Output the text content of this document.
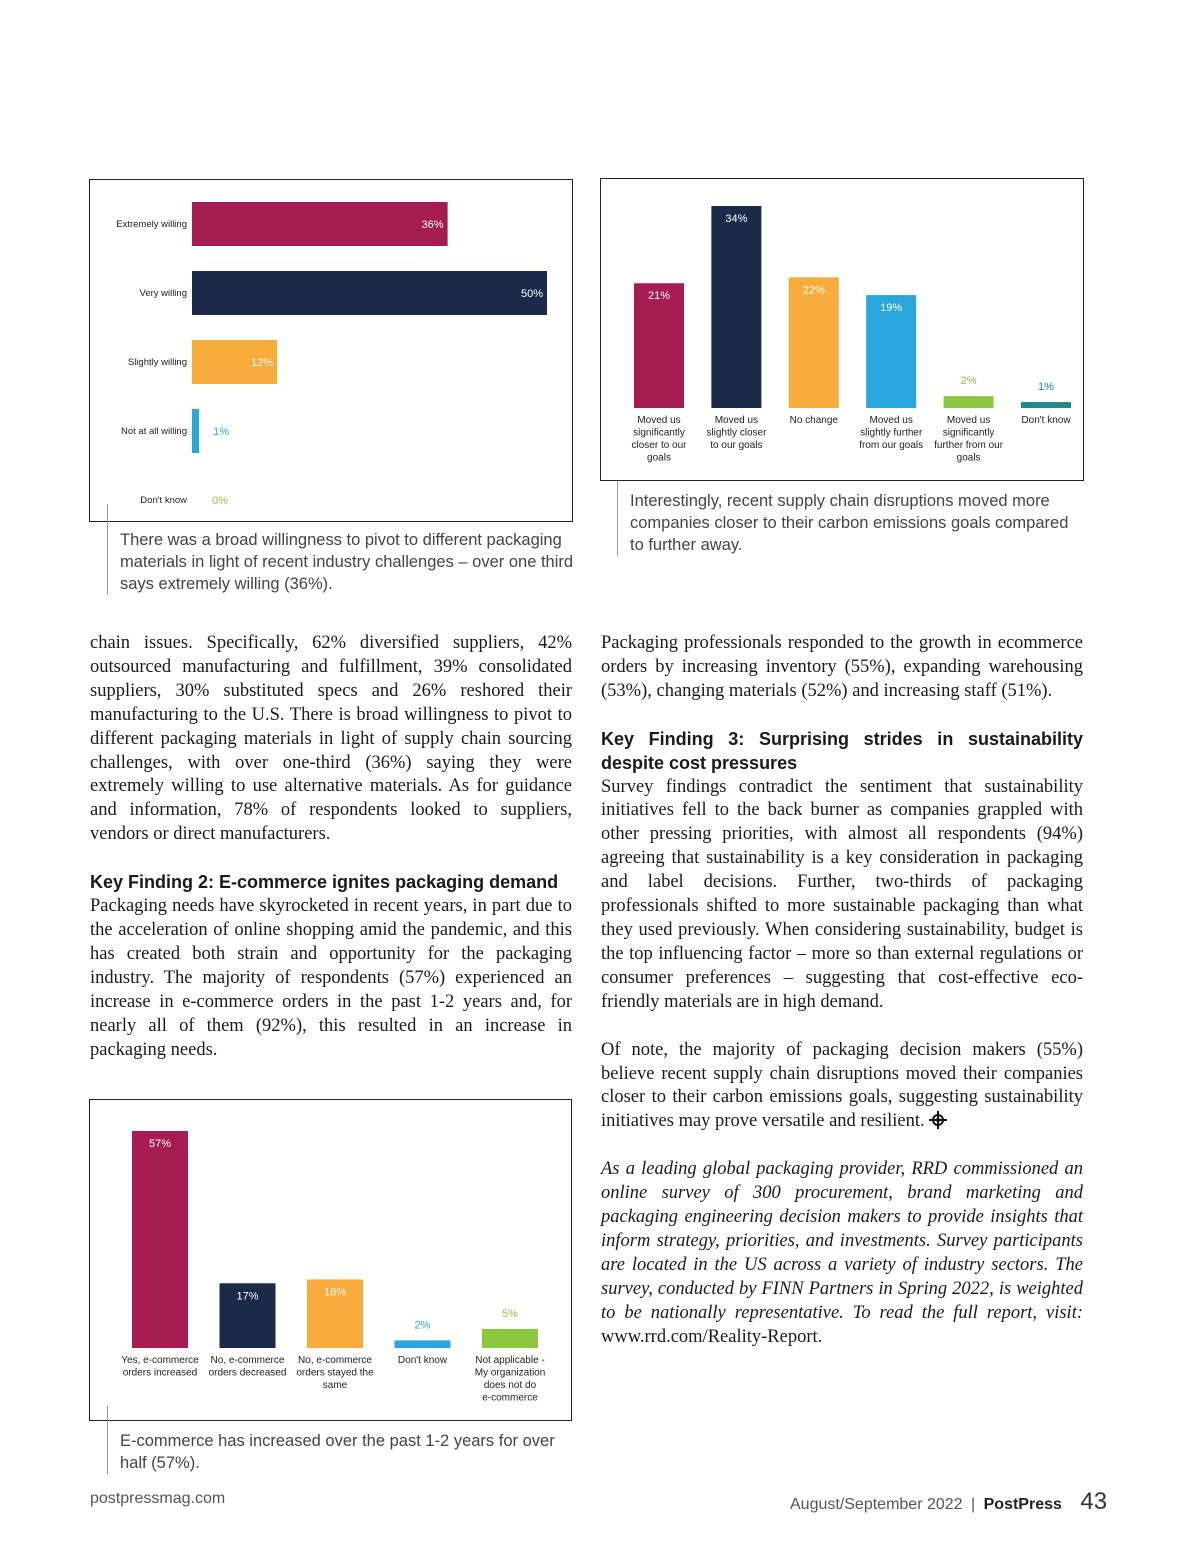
Extremely willing	36%
Very willing	50%
Slightly willing	12%
Not at all willing 1%
Don't know 0%
There was a broad willingness to pivot to different packaging materials in light of recent industry challenges – over one third says extremely willing (36%).
21%
Moved us
significantly
closer to our
goals
34%
Moved us
slightly closer
to our goals
22%
No change
19%
Moved us
slightly further
from our goals
2%
Moved us
significantly
further from our
goals
1%
Don't know
Interestingly, recent supply chain disruptions moved more companies closer to their carbon emissions goals compared to further away.

chain issues. Specifically, 62% diversified suppliers, 42% outsourced manufacturing and fulfillment, 39% consolidated suppliers, 30% substituted specs and 26% reshored their manufacturing to the U.S. There is broad willingness to pivot to different packaging materials in light of supply chain sourcing challenges, with over one-third (36%) saying they were extremely willing to use alternative materials. As for guidance and information, 78% of respondents looked to suppliers, vendors or direct manufacturers.

Key Finding 2: E-commerce ignites packaging demand

Packaging needs have skyrocketed in recent years, in part due to the acceleration of online shopping amid the pandemic, and this has created both strain and opportunity for the packaging industry. The majority of respondents (57%) experienced an increase in e-commerce orders in the past 1-2 years and, for nearly all of them (92%), this resulted in an increase in packaging needs.

Packaging professionals responded to the growth in ecommerce orders by increasing inventory (55%), expanding warehousing (53%), changing materials (52%) and increasing staff (51%).

Key Finding 3: Surprising strides in sustainability despite cost pressures

Survey findings contradict the sentiment that sustainability initiatives fell to the back burner as companies grappled with other pressing priorities, with almost all respondents (94%) agreeing that sustainability is a key consideration in packaging and label decisions. Further, two-thirds of packaging professionals shifted to more sustainable packaging than what they used previously. When considering sustainability, budget is the top influencing factor – more so than external regulations or consumer preferences – suggesting that cost-effective eco-friendly materials are in high demand.

Of note, the majority of packaging decision makers (55%) believe recent supply chain disruptions moved their companies closer to their carbon emissions goals, suggesting sustainability initiatives may prove versatile and resilient.

As a leading global packaging provider, RRD commissioned an online survey of 300 procurement, brand marketing and packaging engineering decision makers to provide insights that inform strategy, priorities, and investments. Survey participants are located in the US across a variety of industry sectors. The survey, conducted by FINN Partners in Spring 2022, is weighted to be nationally representative. To read the full report, visit: www.rrd.com/Reality-Report.

57%
Yes, e-commerce
orders increased
17%
No, e-commerce
orders decreased
18%
No, e-commerce
orders stayed the
same
2%
Don't know
5%
Not applicable -
My organization
does not do
e-commerce
E-commerce has increased over the past 1-2 years for over half (57%).
postpressmag.com	August/September 2022 | PostPress 43
